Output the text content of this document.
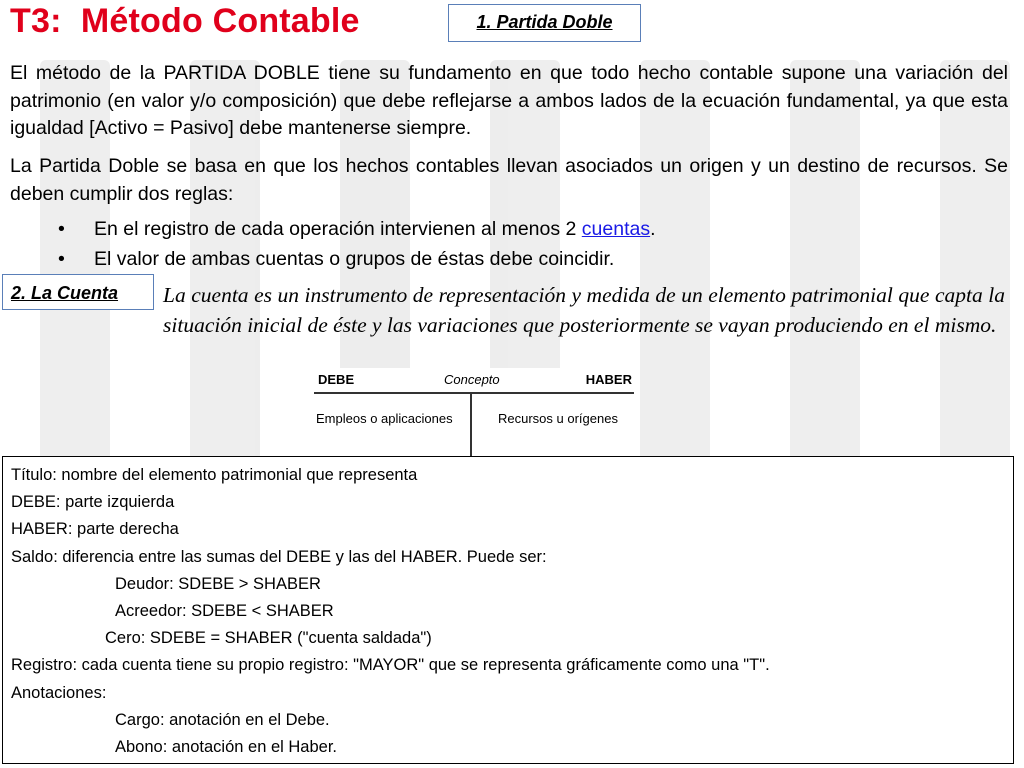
T3:  Método Contable	1. Partida Doble
El método de la PARTIDA DOBLE tiene su fundamento en que todo hecho contable supone una variación del patrimonio (en valor y/o composición) que debe reflejarse a ambos lados de la ecuación fundamental, ya que esta igualdad [Activo = Pasivo] debe mantenerse siempre.
La Partida Doble se basa en que los hechos contables llevan asociados un origen y un destino de recursos. Se deben cumplir dos reglas:
• En el registro de cada operación intervienen al menos 2 cuentas.
• El valor de ambas cuentas o grupos de éstas debe coincidir.
2. La Cuenta	La cuenta es un instrumento de representación y medida de un elemento patrimonial que capta la situación inicial de éste y las variaciones que posteriormente se vayan produciendo en el mismo.
DEBE	Concepto	HABER
Empleos o aplicaciones	Recursos u orígenes
Título: nombre del elemento patrimonial que representa
DEBE: parte izquierda
HABER: parte derecha
Saldo: diferencia entre las sumas del DEBE y las del HABER. Puede ser:
Deudor: SDEBE > SHABER
Acreedor: SDEBE < SHABER
Cero: SDEBE = SHABER ("cuenta saldada")
Registro: cada cuenta tiene su propio registro: "MAYOR" que se representa gráficamente como una "T".
Anotaciones:
Cargo: anotación en el Debe.
Abono: anotación en el Haber.
